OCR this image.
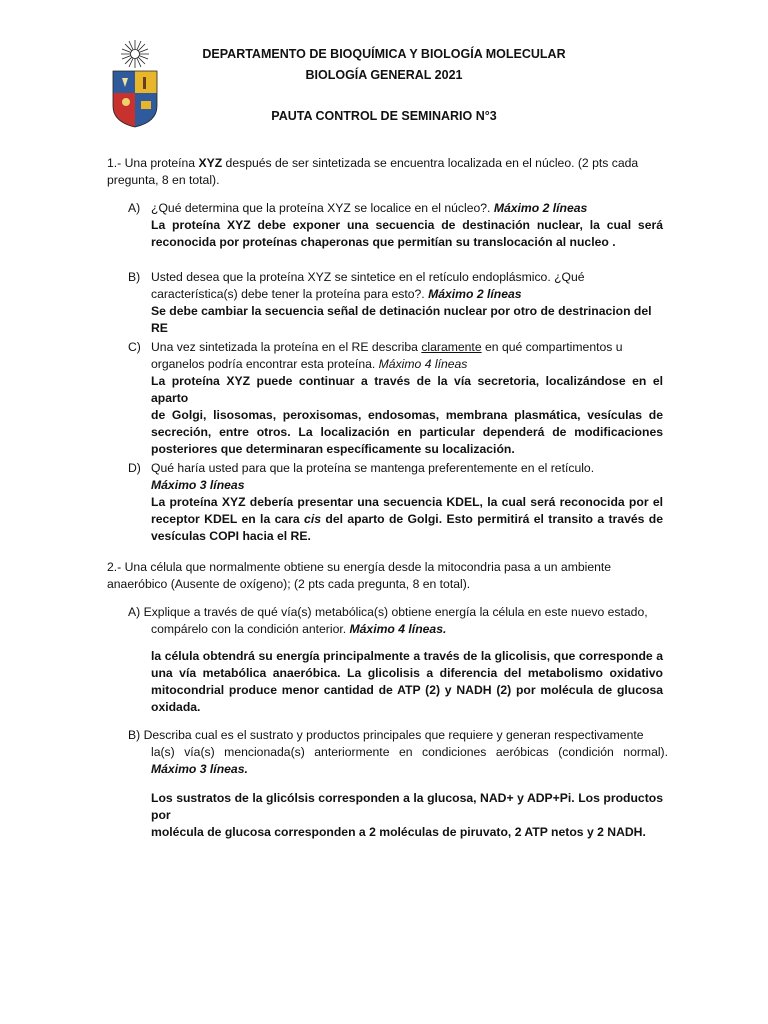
DEPARTAMENTO DE BIOQUÍMICA Y BIOLOGÍA MOLECULAR
BIOLOGÍA GENERAL 2021
PAUTA CONTROL DE SEMINARIO N°3

1.- Una proteína XYZ después de ser sintetizada se encuentra localizada en el núcleo. (2 pts cada

pregunta, 8 en total).

A) ¿Qué determina que la proteína XYZ se localice en el núcleo?. Máximo 2 líneas

La proteína XYZ debe exponer una secuencia de destinación nuclear, la cual será

reconocida por proteínas chaperonas que permitían su translocación al nucleo .

B) Usted desea que la proteína XYZ se sintetice en el retículo endoplásmico. ¿Qué

característica(s) debe tener la proteína para esto?. Máximo 2 líneas

Se debe cambiar la secuencia señal de detinación nuclear por otro de destrinacion del RE

C) Una vez sintetizada la proteína en el RE describa claramente en qué compartimentos u

organelos podría encontrar esta proteína. Máximo 4 líneas

La proteína XYZ puede continuar a través de la vía secretoria, localizándose en el aparto

de Golgi, lisosomas, peroxisomas, endosomas, membrana plasmática, vesículas de

secreción, entre otros. La localización en particular dependerá de modificaciones

posteriores que determinaran específicamente su localización.

D) Qué haría usted para que la proteína se mantenga preferentemente en el retículo.

Máximo 3 líneas

La proteína XYZ debería presentar una secuencia KDEL, la cual será reconocida por el

receptor KDEL en la cara cis del aparto de Golgi. Esto permitirá el transito a través de

vesículas COPI hacia el RE.

2.- Una célula que normalmente obtiene su energía desde la mitocondria pasa a un ambiente

anaeróbico (Ausente de oxígeno); (2 pts cada pregunta, 8 en total).

A) Explique a través de qué vía(s) metabólica(s) obtiene energía la célula en este nuevo estado,

compárelo con la condición anterior. Máximo 4 líneas.

la célula obtendrá su energía principalmente a través de la glicolisis, que corresponde a

una vía metabólica anaeróbica. La glicolisis a diferencia del metabolismo oxidativo

mitocondrial produce menor cantidad de ATP (2) y NADH (2) por molécula de glucosa

oxidada.

B) Describa cual es el sustrato y productos principales que requiere y generan respectivamente

la(s) vía(s) mencionada(s) anteriormente en condiciones aeróbicas (condición normal).

Máximo 3 líneas.

Los sustratos de la glicólsis corresponden a la glucosa, NAD+ y ADP+Pi. Los productos por

molécula de glucosa corresponden a 2 moléculas de piruvato, 2 ATP netos y 2 NADH.
